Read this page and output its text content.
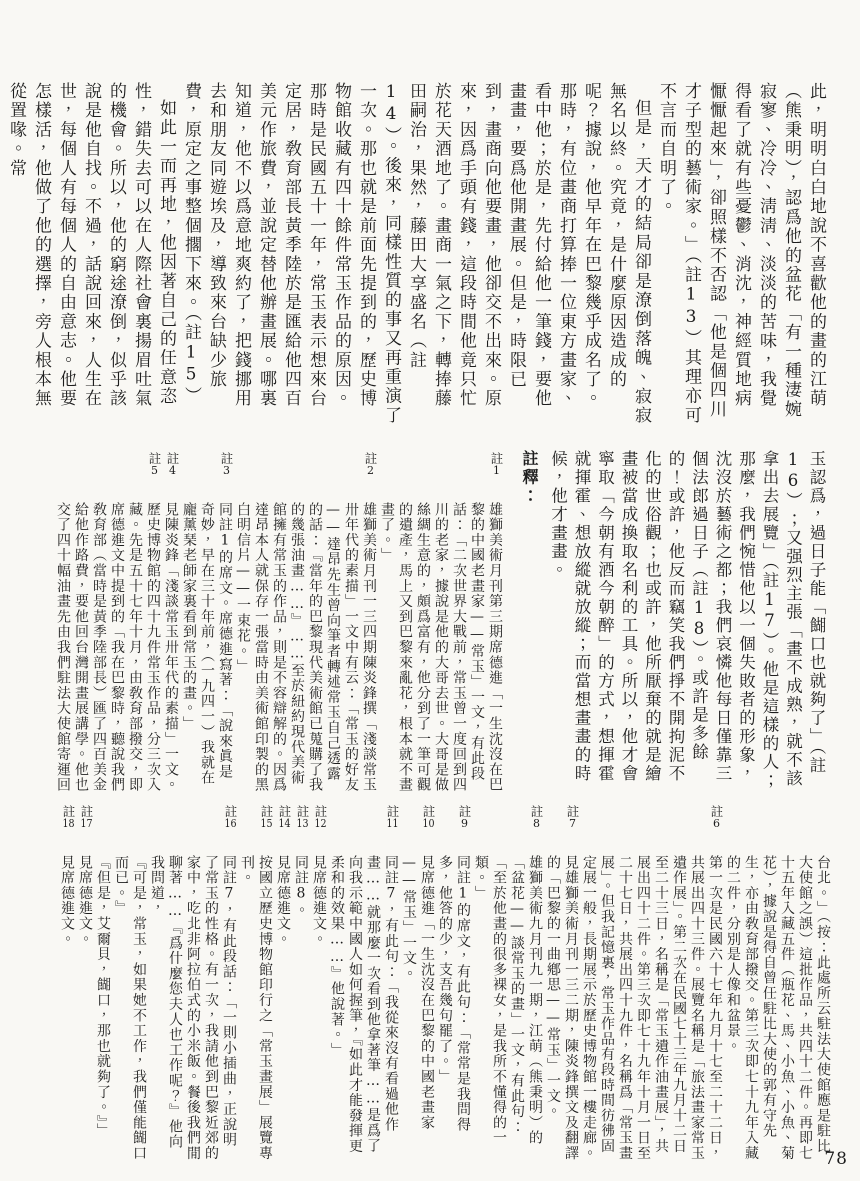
此，明明白白地說不喜歡他的畫的江萌（熊秉明），認爲他的盆花「有一種淒婉寂寥、冷冷、淸淸、淡淡的苦味，我覺得看了就有些憂鬱、消沈，神經質地病懨懨起來」，卻照樣不否認「他是個四川才子型的藝術家。」（註13）其理亦可不言而自明了。

但是，天才的結局卻是潦倒落魄、寂寂無名以終。究竟，是什麼原因造成的呢？據說，他早年在巴黎幾乎成名了。那時，有位畫商打算捧一位東方畫家、看中他；於是，先付給他一筆錢，要他畫畫，要爲他開畫展。但是，時限已到，畫商向他要畫，他卻交不出來。原來，因爲手頭有錢，這段時間他竟只忙於花天酒地了。畫商一氣之下，轉捧藤田嗣治，果然，藤田大享盛名（註14）。後來，同樣性質的事又再重演了一次。那也就是前面先提到的，歷史博物館收藏有四十餘件常玉作品的原因。那時是民國五十一年，常玉表示想來台定居，敎育部長黃季陸於是匯給他四百美元作旅費，並說定替他辦畫展。哪裏知道，他不以爲意地爽約了，把錢挪用去和朋友同遊埃及，導致來台缺少旅費，原定之事整個擱下來。（註15）

如此一而再地，他因著自己的任意恣性，錯失去可以在人際社會裏揚眉吐氣的機會。所以，他的窮途潦倒，似乎該說是他自找。不過，話說回來，人生在世，每個人有每個人的自由意志。他要怎樣活，他做了他的選擇，旁人根本無從置喙。常

玉認爲，過日子能「餬口也就夠了」（註16）；又强烈主張「畫不成熟，就不該拿出去展覽」（註17）。他是這樣的人；那麼，我們惋惜他以一個失敗者的形象，沈沒於藝術之都；我們哀憐他每日僅靠三個法郎過日子（註18）。或許是多餘的！或許，他反而竊笑我們掙不開拘泥不化的世俗觀；也或許，他所厭棄的就是繪畫被當成換取名利的工具。所以，他才會寧取「今朝有酒今朝醉」的方式，想揮霍就揮霍、想放縱就放縱；而當想畫畫的時候，他才畫畫。

註釋：
註1
雄獅美術月刊第三期席德進「一生沈沒在巴黎的中國老畫家——常玉」一文，有此段話：「二次世界大戰前，常玉曾一度回到四川的老家，據說是他的大哥去世。大哥是做絲綢生意的，頗爲富有，他分到了一筆可觀的遺產，馬上又到巴黎來亂花，根本就不畫畫了。」
註2
雄獅美術月刊一三四期陳炎鋒撰「淺談常玉卅年代的素描」一文中有云：「常玉的好友——達昂先生曾向筆者轉述常玉自己透露的話：『當年的巴黎現代美術館已蒐購了我的幾張油畫……』……至於紐約現代美術館擁有常玉的作品，則是不容辯解的。因爲達昂本人就保存一張當時由美術館印製的黑白明信片——一束花。」
註3
同註1的席文。席德進寫著：「說來眞是奇妙，早在三十年前，（一九四一）我就在龐薰琹老師家裏看到常玉的畫。」
註4
見陳炎鋒「淺談常玉卅年代的素描」一文。
註5
歷史博物館的四十九件常玉作品，分三次入藏。先是五十七年十月，由敎育部撥交，即席德進文中提到的「我在巴黎時，聽說我們敎育部（當時是黃季陸部長）匯了四百美金給他作路費，要他回台灣開畫展講學。他也交了四十幅油畫先由我們駐法大使館寄運回
台北。」（按：此處所云駐法大使館應是駐比大使館之誤）這批作品，共四十二件。再即七十五年入藏五件（瓶花、馬、小魚、小魚、菊花），據說是得自曾任駐比大使的郭有守先生，亦由敎育部撥交。第三次即七十九年入藏的二件，分別是人像和盆景。
註6
第一次是民國六十七年九月十七至二十二日，共展出四十三件。展覽名稱是「旅法畫家常玉遺作展」。第二次在民國七十三年九月十二日至二十三日，名稱是「常玉遺作油畫展」，共展出四十二件。第三次即七十九年十月一日至二十七日，共展出四十九件，名稱爲「常玉畫展」。但我記憶裏，常玉作品有段時間彷彿固定展一般，長期展示於歷史博物館一樓走廊。
註7
見雄獅美術月刊一三二期，陳炎鋒撰文及翻譯的「巴黎的一曲鄕思——常玉」一文。
註8
雄獅美術九月刊九一期，江萌（熊秉明）的「盆花——談常玉的畫」一文，有此句：「至於他畫的很多裸女，是我所不懂得的一類。」
註9
同註1的席文，有此句：「常常是我問得多，他答的少，支吾幾句罷了。」
註10
見席德進「一生沈沒在巴黎的中國老畫家——常玉」一文。
註11
同註7，有此句：「我從來沒有看過他作畫……就那麼一次看到他拿著筆……是爲了向我示範中國人如何握筆，『如此才能發揮更柔和的效果……』他說著。」
註12
見席德進文。
註13
同註8。
註14
見席德進文。
註15
按國立歷史博物館印行之「常玉畫展」展覽專刊。
註16
同註7，有此段話：「一則小插曲，正說明了常玉的性格。有一次，我請他到巴黎近郊的家中，吃北非阿拉伯式的小米飯。餐後我們閒聊著……『爲什麼您夫人也工作呢？』他向我問道，
『可是，常玉，如果她不工作，我們僅能餬口而已。』
『但是，艾爾貝，餬口，那也就夠了。』」
註17
見席德進文。
註18
見席德進文。
78
